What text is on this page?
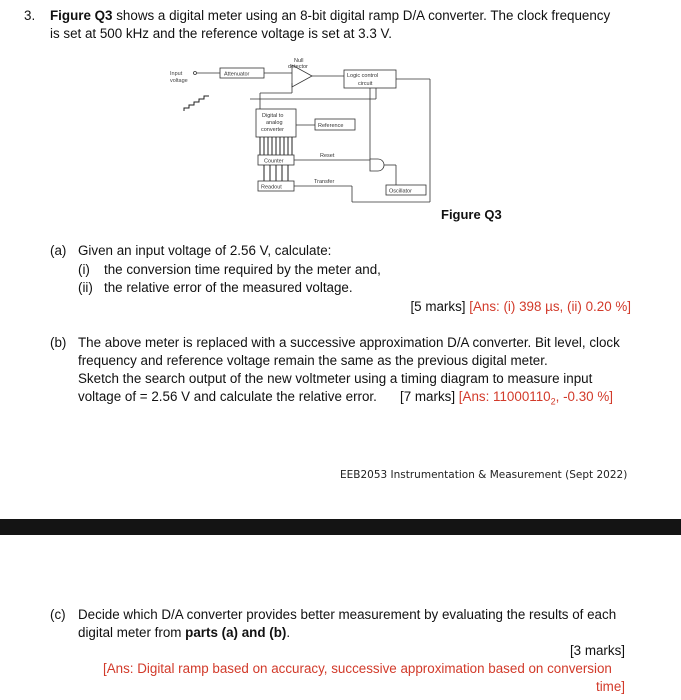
3. Figure Q3 shows a digital meter using an 8-bit digital ramp D/A converter. The clock frequency
is set at 500 kHz and the reference voltage is set at 3.3 V.
Input
voltage
Attenuator
Null
detector
Logic control
circuit
Digital to
analog
converter
Reference
Counter
Reset
Readout
Transfer
Oscillator
Figure Q3
(a) Given an input voltage of 2.56 V, calculate:
(i) the conversion time required by the meter and,
(ii) the relative error of the measured voltage.
[5 marks] [Ans: (i) 398 µs, (ii) 0.20 %]
(b) The above meter is replaced with a successive approximation D/A converter. Bit level, clock
frequency and reference voltage remain the same as the previous digital meter.
Sketch the search output of the new voltmeter using a timing diagram to measure input
voltage of = 2.56 V and calculate the relative error. [7 marks] [Ans: $11000110_2$, -0.30 %]
EEB2053 Instrumentation & Measurement (Sept 2022)
(c) Decide which D/A converter provides better measurement by evaluating the results of each
digital meter from parts (a) and (b).
[3 marks]
[Ans: Digital ramp based on accuracy, successive approximation based on conversion
time]
